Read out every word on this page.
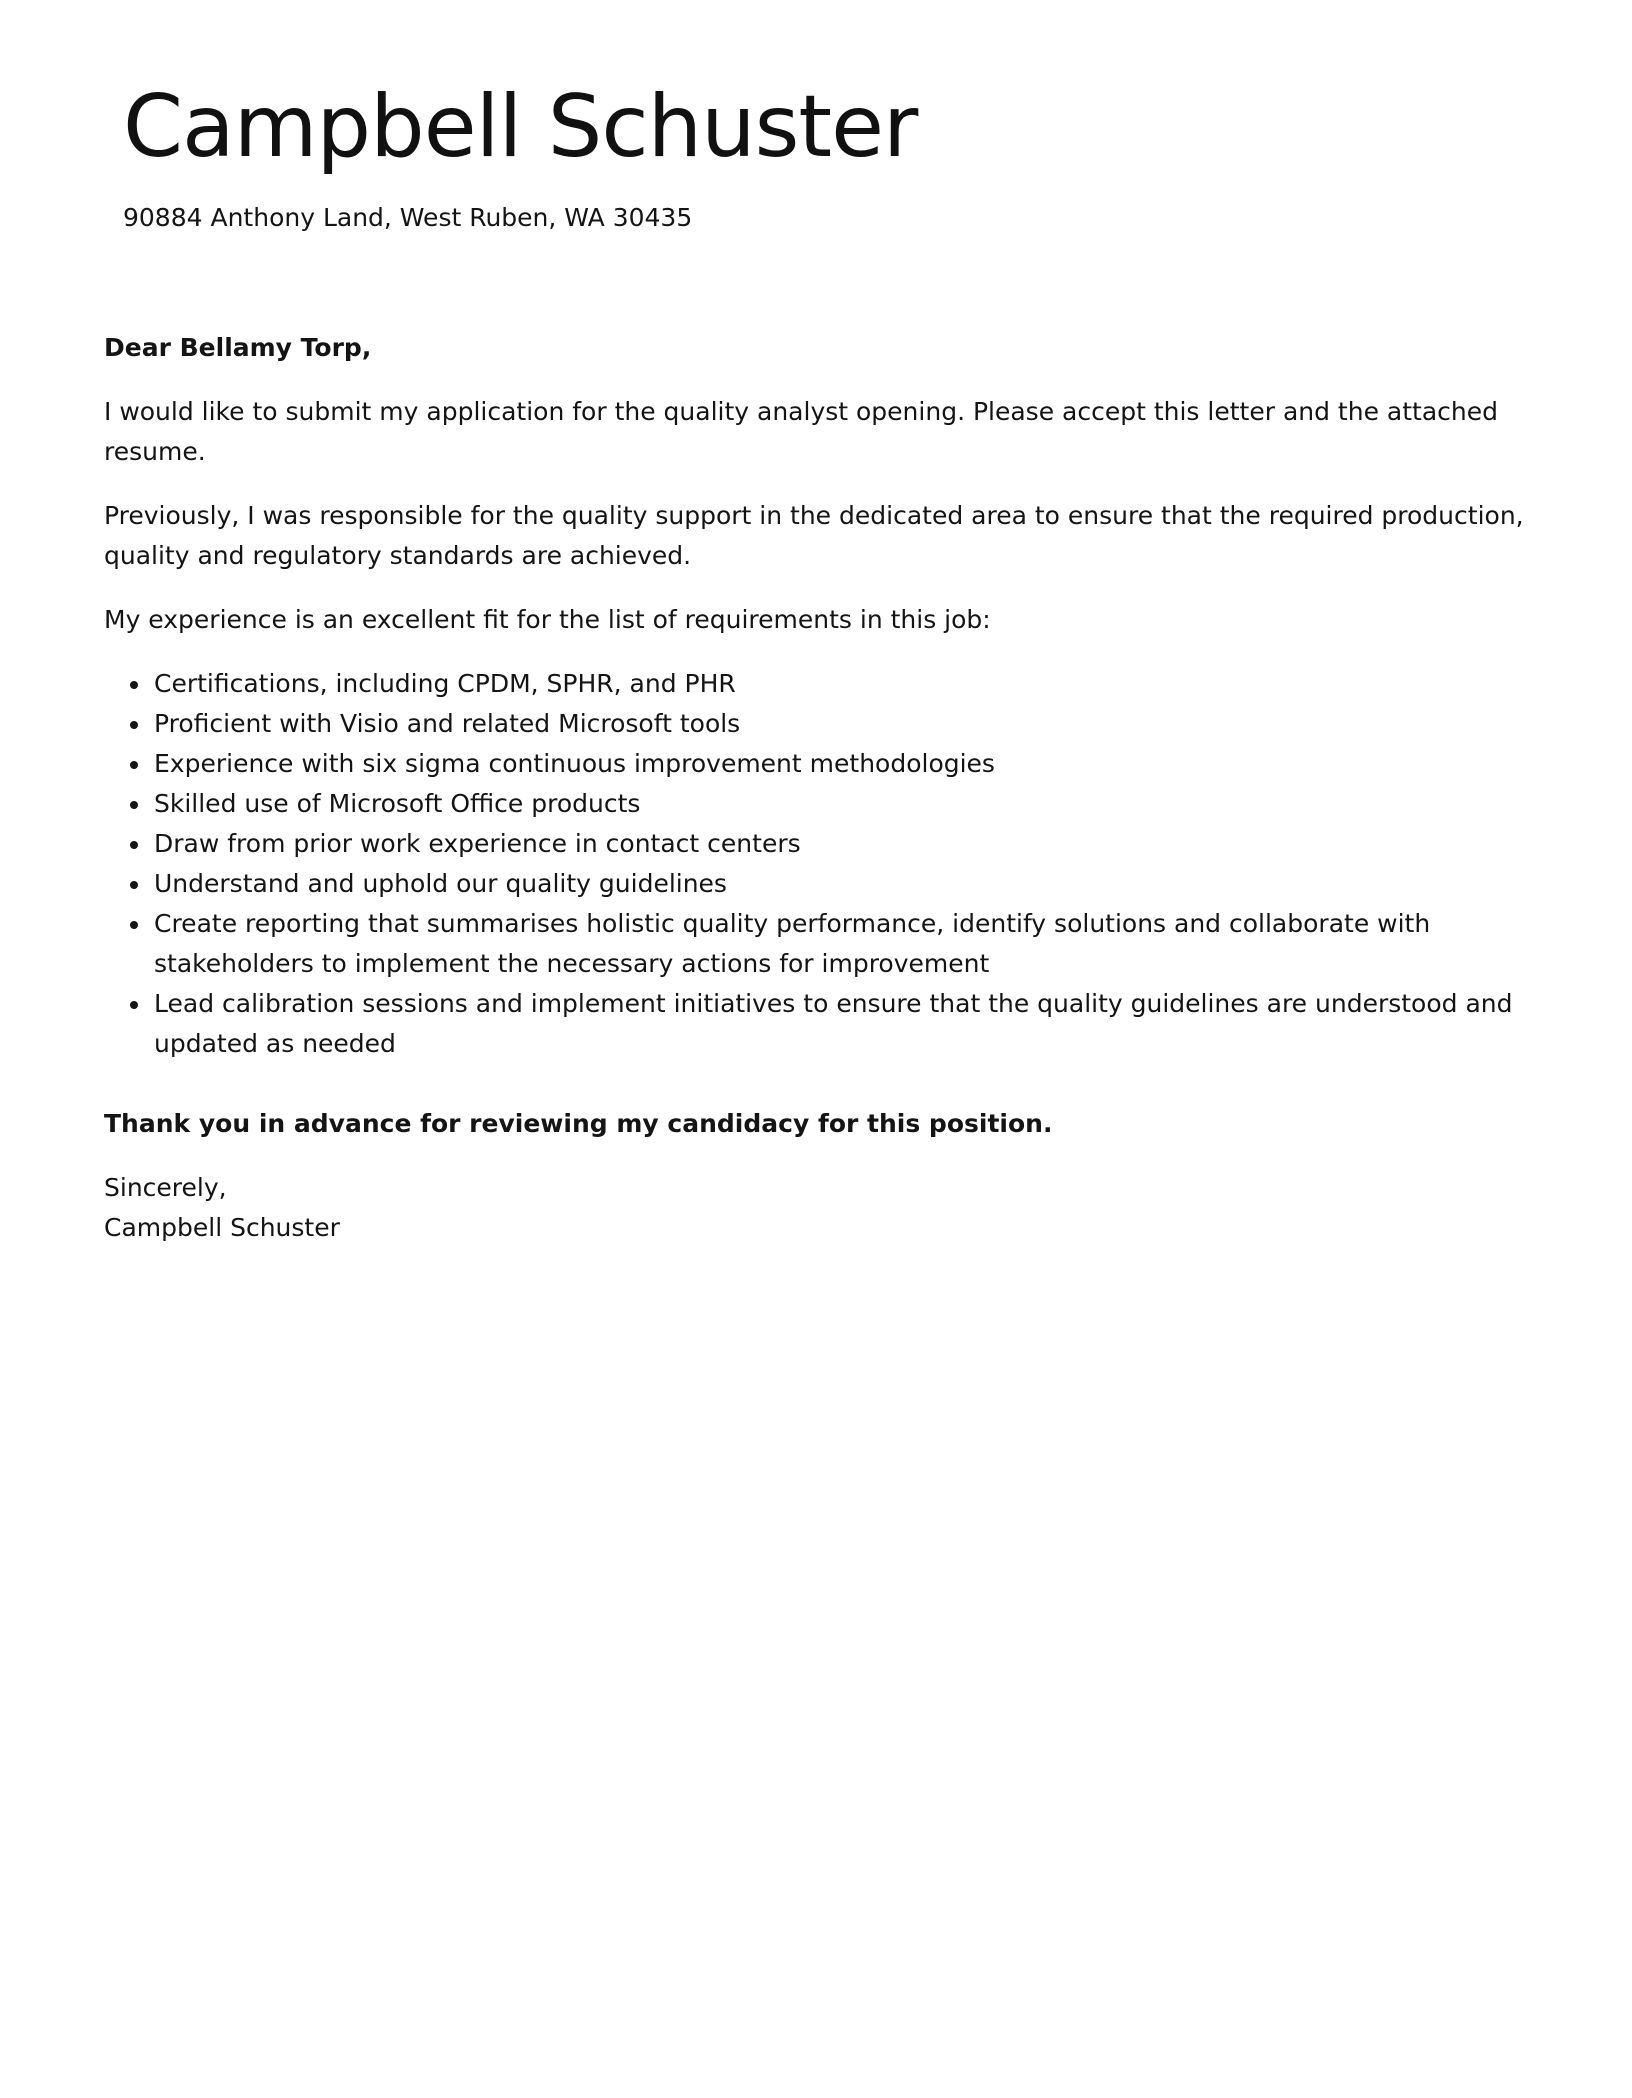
Campbell Schuster
90884 Anthony Land, West Ruben, WA 30435

Dear Bellamy Torp,

I would like to submit my application for the quality analyst opening. Please accept this letter and the attached resume.

Previously, I was responsible for the quality support in the dedicated area to ensure that the required production, quality and regulatory standards are achieved.

My experience is an excellent fit for the list of requirements in this job:

• Certifications, including CPDM, SPHR, and PHR
• Proficient with Visio and related Microsoft tools
• Experience with six sigma continuous improvement methodologies
• Skilled use of Microsoft Office products
• Draw from prior work experience in contact centers
• Understand and uphold our quality guidelines
• Create reporting that summarises holistic quality performance, identify solutions and collaborate with stakeholders to implement the necessary actions for improvement
• Lead calibration sessions and implement initiatives to ensure that the quality guidelines are understood and updated as needed

Thank you in advance for reviewing my candidacy for this position.

Sincerely,
Campbell Schuster
